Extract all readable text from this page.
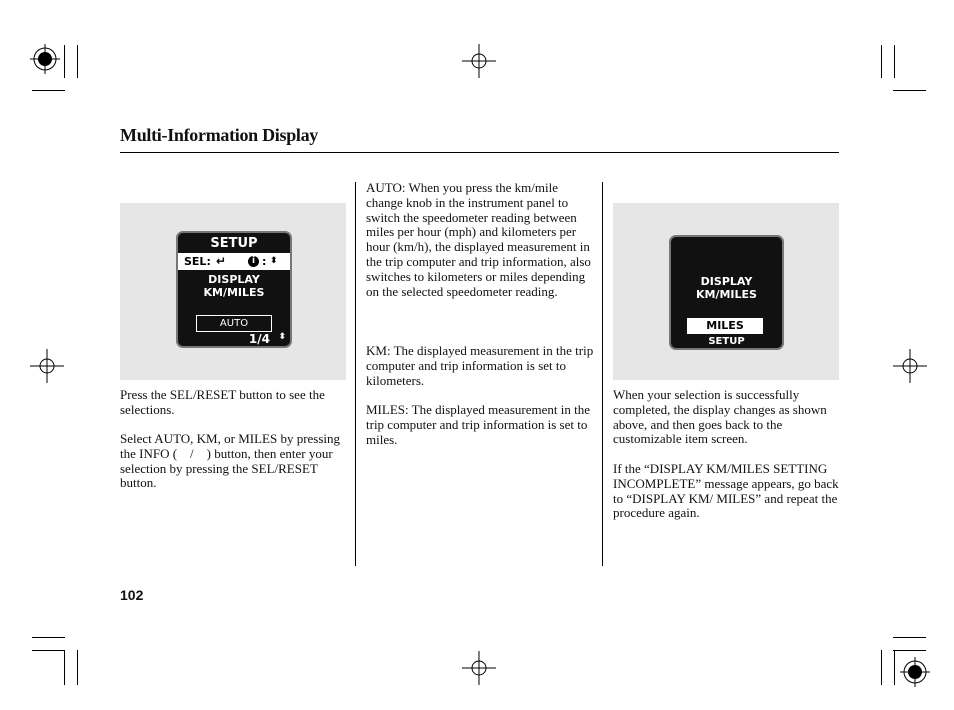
Multi-Information Display
SETUP
SEL: ↵	i : ⬍
DISPLAY
KM/MILES
AUTO
1/4 ⬍
DISPLAY
KM/MILES
MILES
SETUP

Press the SEL/RESET button to see the selections.

Select AUTO, KM, or MILES by pressing the INFO ( / ) button, then enter your selection by pressing the SEL/RESET button.

AUTO: When you press the km/mile change knob in the instrument panel to switch the speedometer reading between miles per hour (mph) and kilometers per hour (km/h), the displayed measurement in the trip computer and trip information, also switches to kilometers or miles depending on the selected speedometer reading.

KM: The displayed measurement in the trip computer and trip information is set to kilometers.

MILES: The displayed measurement in the trip computer and trip information is set to miles.

When your selection is successfully completed, the display changes as shown above, and then goes back to the customizable item screen.

If the “DISPLAY KM/MILES SETTING INCOMPLETE” message appears, go back to “DISPLAY KM/ MILES” and repeat the procedure again.

102
